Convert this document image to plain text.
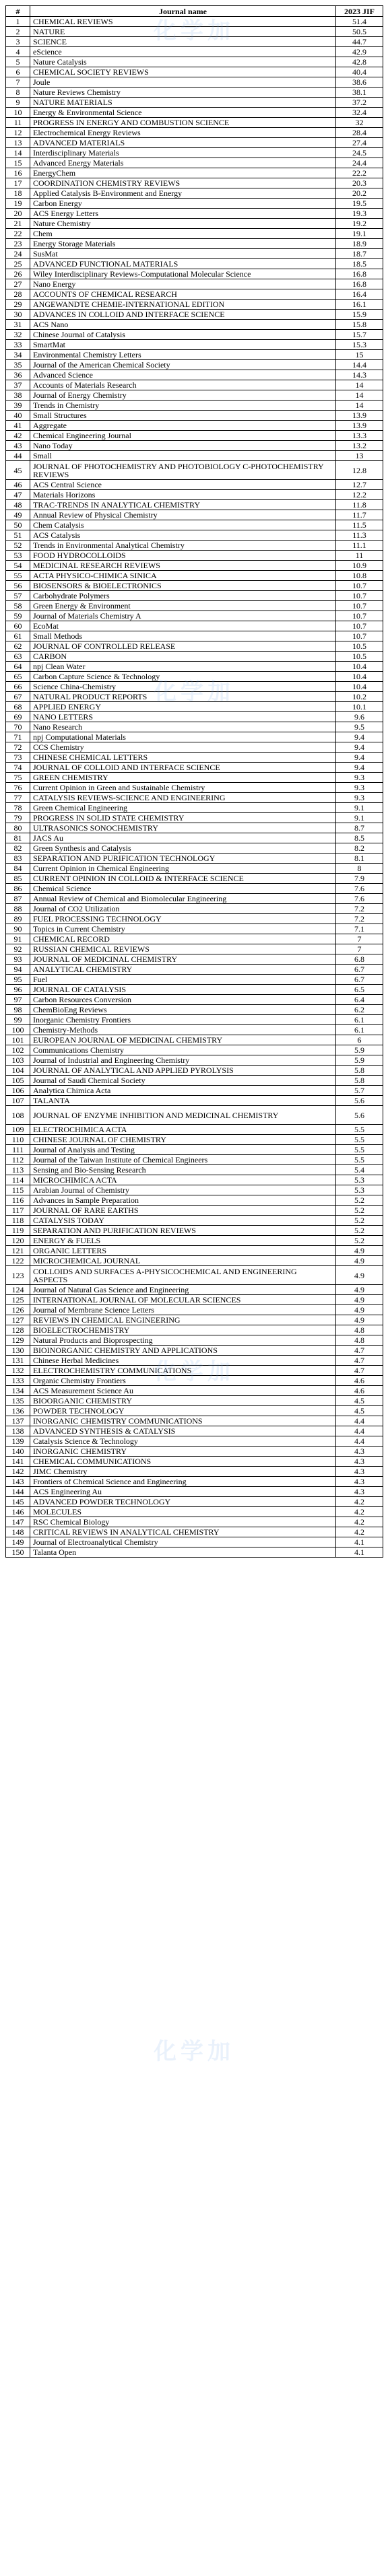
#	Journal name	2023 JIF
1	CHEMICAL REVIEWS	51.4
2	NATURE	50.5
3	SCIENCE	44.7
4	eScience	42.9
5	Nature Catalysis	42.8
6	CHEMICAL SOCIETY REVIEWS	40.4
7	Joule	38.6
8	Nature Reviews Chemistry	38.1
9	NATURE MATERIALS	37.2
10	Energy & Environmental Science	32.4
11	PROGRESS IN ENERGY AND COMBUSTION SCIENCE	32
12	Electrochemical Energy Reviews	28.4
13	ADVANCED MATERIALS	27.4
14	Interdisciplinary Materials	24.5
15	Advanced Energy Materials	24.4
16	EnergyChem	22.2
17	COORDINATION CHEMISTRY REVIEWS	20.3
18	Applied Catalysis B-Environment and Energy	20.2
19	Carbon Energy	19.5
20	ACS Energy Letters	19.3
21	Nature Chemistry	19.2
22	Chem	19.1
23	Energy Storage Materials	18.9
24	SusMat	18.7
25	ADVANCED FUNCTIONAL MATERIALS	18.5
26	Wiley Interdisciplinary Reviews-Computational Molecular Science	16.8
27	Nano Energy	16.8
28	ACCOUNTS OF CHEMICAL RESEARCH	16.4
29	ANGEWANDTE CHEMIE-INTERNATIONAL EDITION	16.1
30	ADVANCES IN COLLOID AND INTERFACE SCIENCE	15.9
31	ACS Nano	15.8
32	Chinese Journal of Catalysis	15.7
33	SmartMat	15.3
34	Environmental Chemistry Letters	15
35	Journal of the American Chemical Society	14.4
36	Advanced Science	14.3
37	Accounts of Materials Research	14
38	Journal of Energy Chemistry	14
39	Trends in Chemistry	14
40	Small Structures	13.9
41	Aggregate	13.9
42	Chemical Engineering Journal	13.3
43	Nano Today	13.2
44	Small	13
45	JOURNAL OF PHOTOCHEMISTRY AND PHOTOBIOLOGY C-PHOTOCHEMISTRY REVIEWS	12.8
46	ACS Central Science	12.7
47	Materials Horizons	12.2
48	TRAC-TRENDS IN ANALYTICAL CHEMISTRY	11.8
49	Annual Review of Physical Chemistry	11.7
50	Chem Catalysis	11.5
51	ACS Catalysis	11.3
52	Trends in Environmental Analytical Chemistry	11.1
53	FOOD HYDROCOLLOIDS	11
54	MEDICINAL RESEARCH REVIEWS	10.9
55	ACTA PHYSICO-CHIMICA SINICA	10.8
56	BIOSENSORS & BIOELECTRONICS	10.7
57	Carbohydrate Polymers	10.7
58	Green Energy & Environment	10.7
59	Journal of Materials Chemistry A	10.7
60	EcoMat	10.7
61	Small Methods	10.7
62	JOURNAL OF CONTROLLED RELEASE	10.5
63	CARBON	10.5
64	npj Clean Water	10.4
65	Carbon Capture Science & Technology	10.4
66	Science China-Chemistry	10.4
67	NATURAL PRODUCT REPORTS	10.2
68	APPLIED ENERGY	10.1
69	NANO LETTERS	9.6
70	Nano Research	9.5
71	npj Computational Materials	9.4
72	CCS Chemistry	9.4
73	CHINESE CHEMICAL LETTERS	9.4
74	JOURNAL OF COLLOID AND INTERFACE SCIENCE	9.4
75	GREEN CHEMISTRY	9.3
76	Current Opinion in Green and Sustainable Chemistry	9.3
77	CATALYSIS REVIEWS-SCIENCE AND ENGINEERING	9.3
78	Green Chemical Engineering	9.1
79	PROGRESS IN SOLID STATE CHEMISTRY	9.1
80	ULTRASONICS SONOCHEMISTRY	8.7
81	JACS Au	8.5
82	Green Synthesis and Catalysis	8.2
83	SEPARATION AND PURIFICATION TECHNOLOGY	8.1
84	Current Opinion in Chemical Engineering	8
85	CURRENT OPINION IN COLLOID & INTERFACE SCIENCE	7.9
86	Chemical Science	7.6
87	Annual Review of Chemical and Biomolecular Engineering	7.6
88	Journal of CO2 Utilization	7.2
89	FUEL PROCESSING TECHNOLOGY	7.2
90	Topics in Current Chemistry	7.1
91	CHEMICAL RECORD	7
92	RUSSIAN CHEMICAL REVIEWS	7
93	JOURNAL OF MEDICINAL CHEMISTRY	6.8
94	ANALYTICAL CHEMISTRY	6.7
95	Fuel	6.7
96	JOURNAL OF CATALYSIS	6.5
97	Carbon Resources Conversion	6.4
98	ChemBioEng Reviews	6.2
99	Inorganic Chemistry Frontiers	6.1
100	Chemistry-Methods	6.1
101	EUROPEAN JOURNAL OF MEDICINAL CHEMISTRY	6
102	Communications Chemistry	5.9
103	Journal of Industrial and Engineering Chemistry	5.9
104	JOURNAL OF ANALYTICAL AND APPLIED PYROLYSIS	5.8
105	Journal of Saudi Chemical Society	5.8
106	Analytica Chimica Acta	5.7
107	TALANTA	5.6
108	JOURNAL OF ENZYME INHIBITION AND MEDICINAL CHEMISTRY	5.6
109	ELECTROCHIMICA ACTA	5.5
110	CHINESE JOURNAL OF CHEMISTRY	5.5
111	Journal of Analysis and Testing	5.5
112	Journal of the Taiwan Institute of Chemical Engineers	5.5
113	Sensing and Bio-Sensing Research	5.4
114	MICROCHIMICA ACTA	5.3
115	Arabian Journal of Chemistry	5.3
116	Advances in Sample Preparation	5.2
117	JOURNAL OF RARE EARTHS	5.2
118	CATALYSIS TODAY	5.2
119	SEPARATION AND PURIFICATION REVIEWS	5.2
120	ENERGY & FUELS	5.2
121	ORGANIC LETTERS	4.9
122	MICROCHEMICAL JOURNAL	4.9
123	COLLOIDS AND SURFACES A-PHYSICOCHEMICAL AND ENGINEERING ASPECTS	4.9
124	Journal of Natural Gas Science and Engineering	4.9
125	INTERNATIONAL JOURNAL OF MOLECULAR SCIENCES	4.9
126	Journal of Membrane Science Letters	4.9
127	REVIEWS IN CHEMICAL ENGINEERING	4.9
128	BIOELECTROCHEMISTRY	4.8
129	Natural Products and Bioprospecting	4.8
130	BIOINORGANIC CHEMISTRY AND APPLICATIONS	4.7
131	Chinese Herbal Medicines	4.7
132	ELECTROCHEMISTRY COMMUNICATIONS	4.7
133	Organic Chemistry Frontiers	4.6
134	ACS Measurement Science Au	4.6
135	BIOORGANIC CHEMISTRY	4.5
136	POWDER TECHNOLOGY	4.5
137	INORGANIC CHEMISTRY COMMUNICATIONS	4.4
138	ADVANCED SYNTHESIS & CATALYSIS	4.4
139	Catalysis Science & Technology	4.4
140	INORGANIC CHEMISTRY	4.3
141	CHEMICAL COMMUNICATIONS	4.3
142	JIMC Chemistry	4.3
143	Frontiers of Chemical Science and Engineering	4.3
144	ACS Engineering Au	4.3
145	ADVANCED POWDER TECHNOLOGY	4.2
146	MOLECULES	4.2
147	RSC Chemical Biology	4.2
148	CRITICAL REVIEWS IN ANALYTICAL CHEMISTRY	4.2
149	Journal of Electroanalytical Chemistry	4.1
150	Talanta Open	4.1
化学加
化学加
化学加
化学加
